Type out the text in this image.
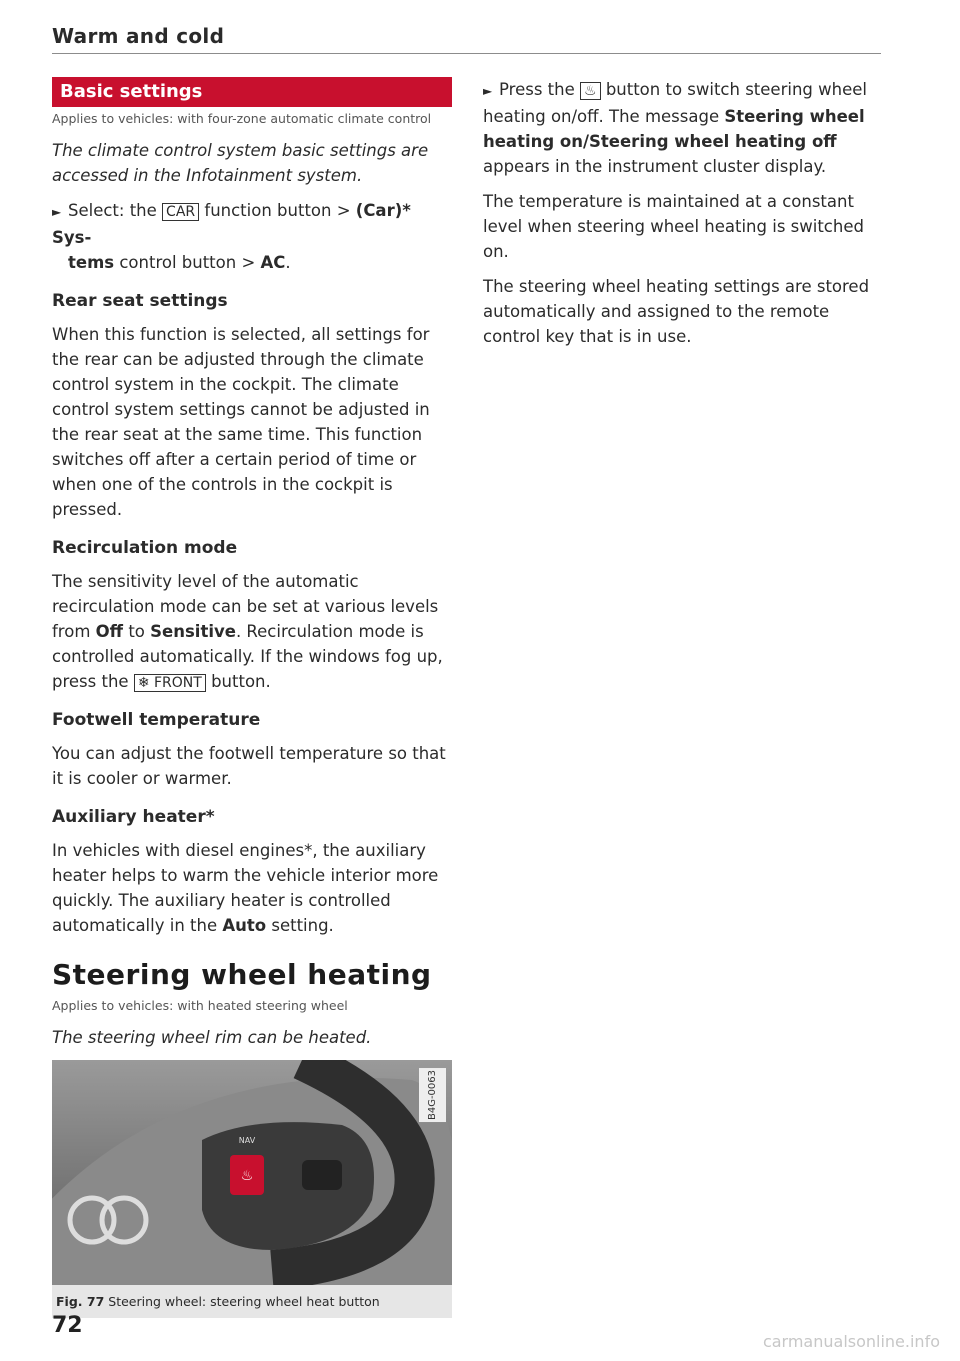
Warm and cold
Basic settings
Applies to vehicles: with four-zone automatic climate control
The climate control system basic settings are accessed in the Infotainment system.
► Select: the CAR function button > (Car)* Sys-
tems control button > AC.
Rear seat settings

When this function is selected, all settings for the rear can be adjusted through the climate control system in the cockpit. The climate control system settings cannot be adjusted in the rear seat at the same time. This function switches off after a certain period of time or when one of the controls in the cockpit is pressed.

Recirculation mode

The sensitivity level of the automatic recirculation mode can be set at various levels from Off to Sensitive. Recirculation mode is controlled automatically. If the windows fog up, press the ❄ FRONT button.

Footwell temperature

You can adjust the footwell temperature so that it is cooler or warmer.

Auxiliary heater*

In vehicles with diesel engines*, the auxiliary heater helps to warm the vehicle interior more quickly. The auxiliary heater is controlled automatically in the Auto setting.

Steering wheel heating
Applies to vehicles: with heated steering wheel
The steering wheel rim can be heated.
♨
NAV
B4G-0063
Fig. 77 Steering wheel: steering wheel heat button
► Press the ♨ button to switch steering wheel heating on/off. The message Steering wheel heating on/Steering wheel heating off appears in the instrument cluster display.

The temperature is maintained at a constant level when steering wheel heating is switched on.

The steering wheel heating settings are stored automatically and assigned to the remote control key that is in use.

72
carmanualsonline.info
